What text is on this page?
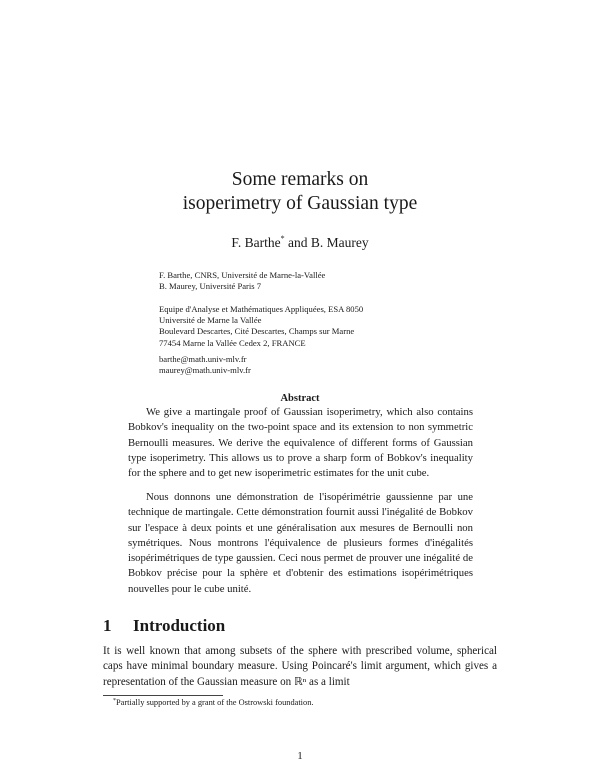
Some remarks on
isoperimetry of Gaussian type
F. Barthe* and B. Maurey
F. Barthe, CNRS, Université de Marne-la-Vallée
B. Maurey, Université Paris 7
Equipe d'Analyse et Mathématiques Appliquées, ESA 8050
Université de Marne la Vallée
Boulevard Descartes, Cité Descartes, Champs sur Marne
77454 Marne la Vallée Cedex 2, FRANCE
barthe@math.univ-mlv.fr
maurey@math.univ-mlv.fr
Abstract
We give a martingale proof of Gaussian isoperimetry, which also contains Bobkov's inequality on the two-point space and its extension to non symmetric Bernoulli measures. We derive the equivalence of different forms of Gaussian type isoperimetry. This allows us to prove a sharp form of Bobkov's inequality for the sphere and to get new isoperimetric estimates for the unit cube.
Nous donnons une démonstration de l'isopérimétrie gaussienne par une technique de martingale. Cette démonstration fournit aussi l'inégalité de Bobkov sur l'espace à deux points et une généralisation aux mesures de Bernoulli non symétriques. Nous montrons l'équivalence de plusieurs formes d'inégalités isopérimétriques de type gaussien. Ceci nous permet de prouver une inégalité de Bobkov précise pour la sphère et d'obtenir des estimations isopérimétriques nouvelles pour le cube unité.
1 Introduction
It is well known that among subsets of the sphere with prescribed volume, spherical caps have minimal boundary measure. Using Poincaré's limit argument, which gives a representation of the Gaussian measure on ℝⁿ as a limit
*Partially supported by a grant of the Ostrowski foundation.
1
